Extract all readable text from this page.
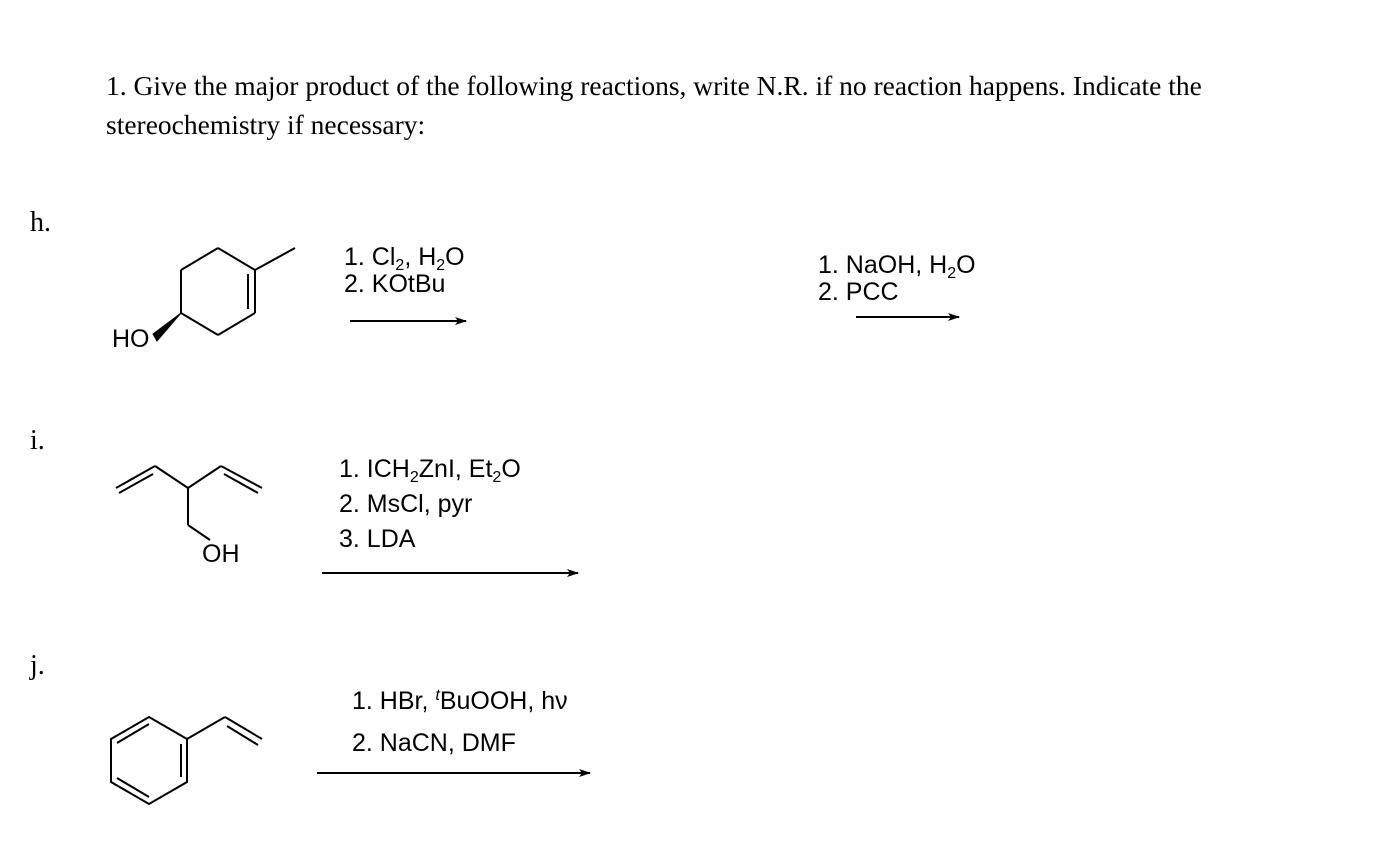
1. Give the major product of the following reactions, write N.R. if no reaction happens. Indicate the stereochemistry if necessary:
h.
i.
j.
HO
OH
1. $Cl_2$, $H_2O$
2. KOtBu
1. NaOH, $H_2O$
2. PCC
1. $ICH_2ZnI$, $Et_2O$
2. MsCl, pyr
3. LDA
1. HBr, $^t$BuOOH, hν
2. NaCN, DMF
